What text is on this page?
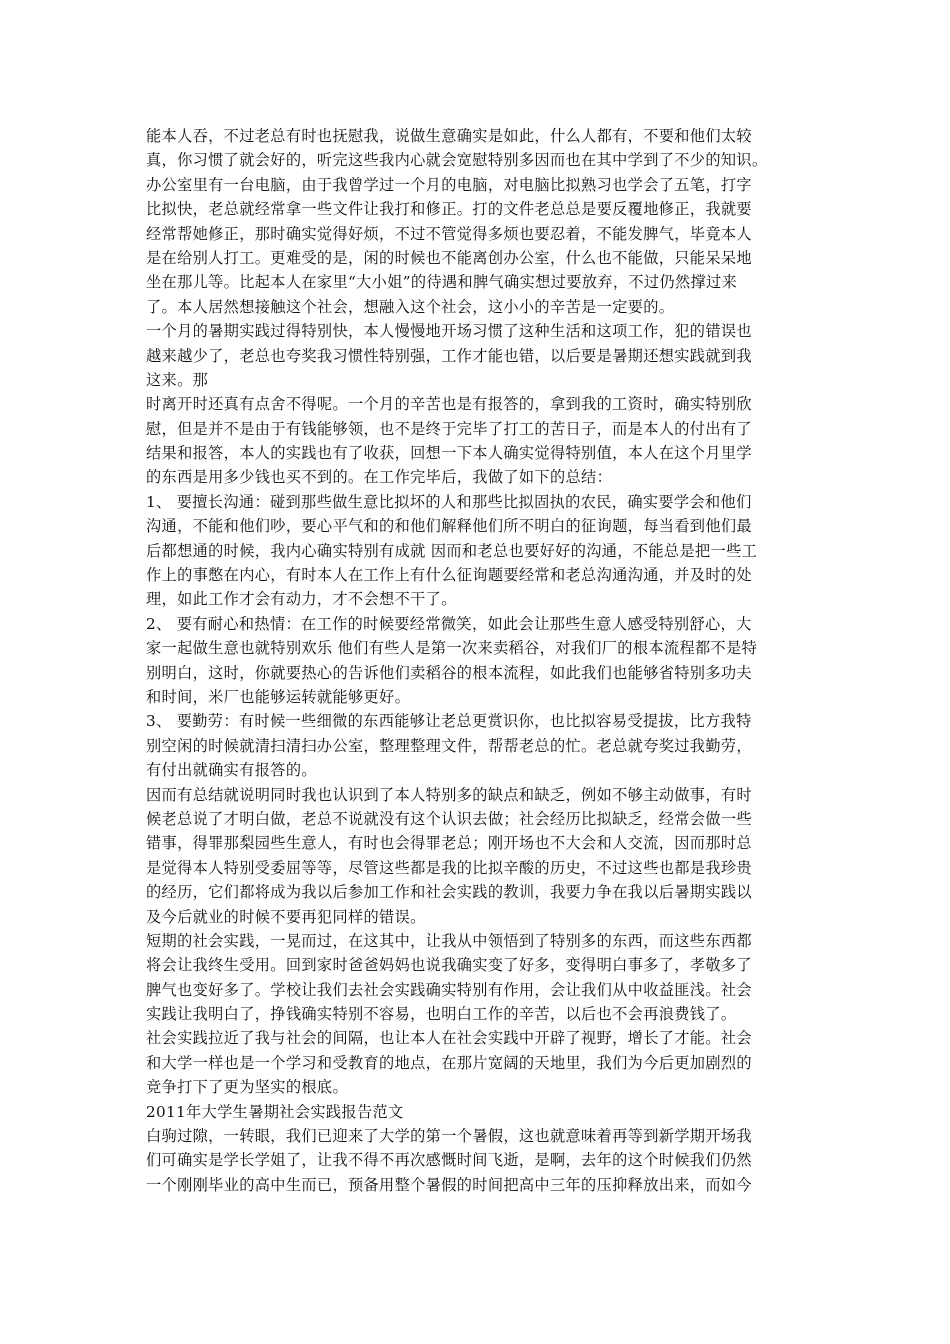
能本人吞，不过老总有时也抚慰我，说做生意确实是如此，什么人都有，不要和他们太较
真，你习惯了就会好的，听完这些我内心就会宽慰特别多因而也在其中学到了不少的知识。
办公室里有一台电脑，由于我曾学过一个月的电脑，对电脑比拟熟习也学会了五笔，打字
比拟快，老总就经常拿一些文件让我打和修正。打的文件老总总是要反覆地修正，我就要
经常帮她修正，那时确实觉得好烦，不过不管觉得多烦也要忍着，不能发脾气，毕竟本人
是在给别人打工。更难受的是，闲的时候也不能离创办公室，什么也不能做，只能呆呆地
坐在那儿等。比起本人在家里“大小姐”的待遇和脾气确实想过要放弃，不过仍然撑过来
了。本人居然想接触这个社会，想融入这个社会，这小小的辛苦是一定要的。
一个月的暑期实践过得特别快，本人慢慢地开场习惯了这种生活和这项工作，犯的错误也
越来越少了，老总也夸奖我习惯性特别强，工作才能也错，以后要是暑期还想实践就到我
这来。那
时离开时还真有点舍不得呢。一个月的辛苦也是有报答的，拿到我的工资时，确实特别欣
慰，但是并不是由于有钱能够领，也不是终于完毕了打工的苦日子，而是本人的付出有了
结果和报答，本人的实践也有了收获，回想一下本人确实觉得特别值，本人在这个月里学
的东西是用多少钱也买不到的。在工作完毕后，我做了如下的总结：
1、 要擅长沟通：碰到那些做生意比拟坏的人和那些比拟固执的农民，确实要学会和他们
沟通，不能和他们吵，要心平气和的和他们解释他们所不明白的征询题，每当看到他们最
后都想通的时候，我内心确实特别有成就 因而和老总也要好好的沟通，不能总是把一些工
作上的事憋在内心，有时本人在工作上有什么征询题要经常和老总沟通沟通，并及时的处
理，如此工作才会有动力，才不会想不干了。
2、 要有耐心和热情：在工作的时候要经常微笑，如此会让那些生意人感受特别舒心，大
家一起做生意也就特别欢乐 他们有些人是第一次来卖稻谷，对我们厂的根本流程都不是特
别明白，这时，你就要热心的告诉他们卖稻谷的根本流程，如此我们也能够省特别多功夫
和时间，米厂也能够运转就能够更好。
3、 要勤劳：有时候一些细微的东西能够让老总更赏识你，也比拟容易受提拔，比方我特
别空闲的时候就清扫清扫办公室，整理整理文件，帮帮老总的忙。老总就夸奖过我勤劳，
有付出就确实有报答的。
因而有总结就说明同时我也认识到了本人特别多的缺点和缺乏，例如不够主动做事，有时
候老总说了才明白做，老总不说就没有这个认识去做；社会经历比拟缺乏，经常会做一些
错事，得罪那梨园些生意人，有时也会得罪老总；刚开场也不大会和人交流，因而那时总
是觉得本人特别受委屈等等，尽管这些都是我的比拟辛酸的历史，不过这些也都是我珍贵
的经历，它们都将成为我以后参加工作和社会实践的教训，我要力争在我以后暑期实践以
及今后就业的时候不要再犯同样的错误。
短期的社会实践，一晃而过，在这其中，让我从中领悟到了特别多的东西，而这些东西都
将会让我终生受用。回到家时爸爸妈妈也说我确实变了好多，变得明白事多了，孝敬多了
脾气也变好多了。学校让我们去社会实践确实特别有作用，会让我们从中收益匪浅。社会
实践让我明白了，挣钱确实特别不容易，也明白工作的辛苦，以后也不会再浪费钱了。
社会实践拉近了我与社会的间隔，也让本人在社会实践中开辟了视野，增长了才能。社会
和大学一样也是一个学习和受教育的地点，在那片宽阔的天地里，我们为今后更加剧烈的
竞争打下了更为坚实的根底。
2011年大学生暑期社会实践报告范文
白驹过隙，一转眼，我们已迎来了大学的第一个暑假，这也就意味着再等到新学期开场我
们可确实是学长学姐了，让我不得不再次感慨时间飞逝，是啊，去年的这个时候我们仍然
一个刚刚毕业的高中生而已，预备用整个暑假的时间把高中三年的压抑释放出来，而如今
